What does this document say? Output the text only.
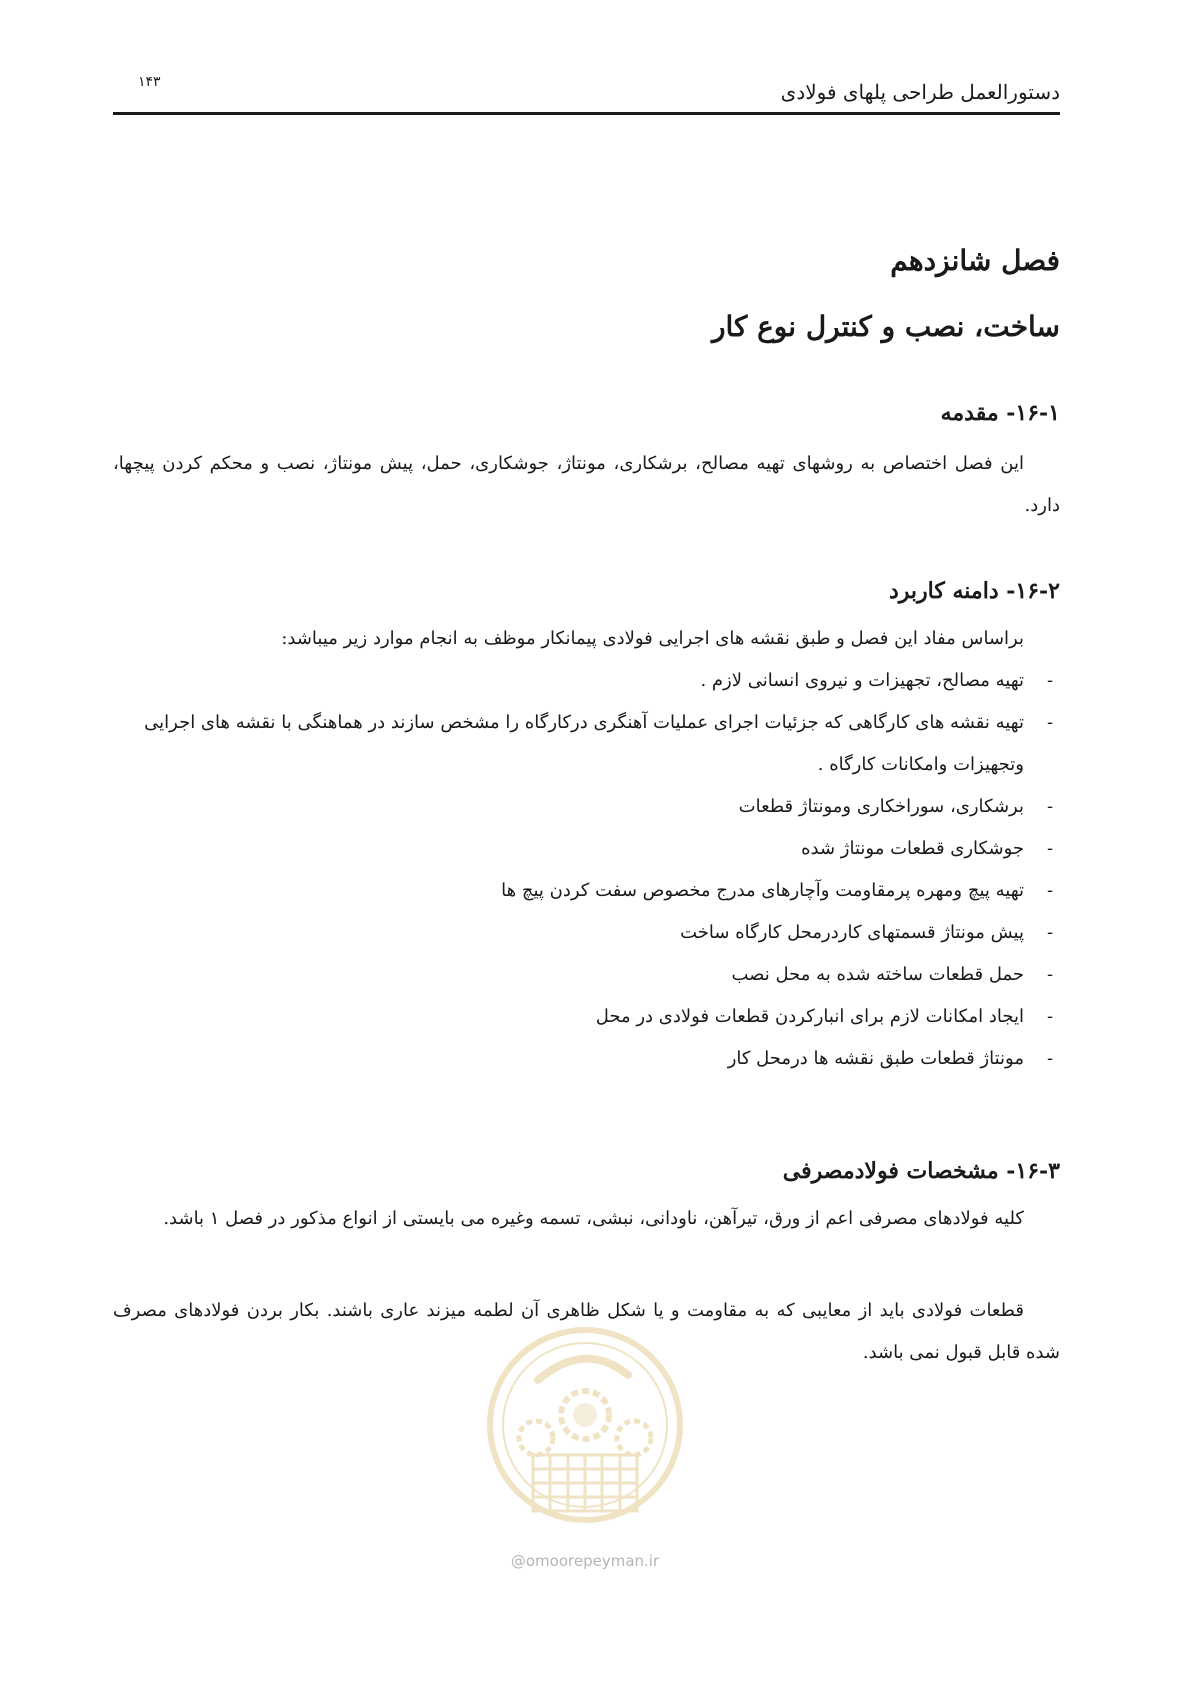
۱۴۳	دستورالعمل طراحی پلهای فولادی
فصل شانزدهم
ساخت، نصب و کنترل نوع کار
۱۶-۱- مقدمه
این فصل اختصاص به روشهای تهیه مصالح، برشکاری، مونتاژ، جوشکاری، حمل، پیش مونتاژ، نصب و محکم کردن پیچها، دارد.
۱۶-۲- دامنه کاربرد
براساس مفاد این فصل و طبق نقشه های اجرایی فولادی پیمانکار موظف به انجام موارد زیر میباشد:
-
تهیه مصالح، تجهیزات و نیروی انسانی لازم .
-
تهیه نقشه های کارگاهی که جزئیات اجرای عملیات آهنگری درکارگاه را مشخص سازند در هماهنگی با نقشه های اجرایی وتجهیزات وامکانات کارگاه .
-
برشکاری، سوراخکاری ومونتاژ قطعات
-
جوشکاری قطعات مونتاژ شده
-
تهیه پیچ ومهره پرمقاومت وآچارهای مدرج مخصوص سفت کردن پیچ ها
-
پیش مونتاژ قسمتهای کاردرمحل کارگاه ساخت
-
حمل قطعات ساخته شده به محل نصب
-
ایجاد امکانات لازم برای انبارکردن قطعات فولادی در محل
-
مونتاژ قطعات طبق نقشه ها درمحل کار
۱۶-۳- مشخصات فولادمصرفی
کلیه فولادهای مصرفی اعم از ورق، تیرآهن، ناودانی، نبشی، تسمه وغیره می بایستی از انواع مذکور در فصل ۱ باشد.
قطعات فولادی باید از معایبی که به مقاومت و یا شکل ظاهری آن لطمه میزند عاری باشند. بکار بردن فولادهای مصرف شده قابل قبول نمی باشد.
@omoorepeyman.ir
